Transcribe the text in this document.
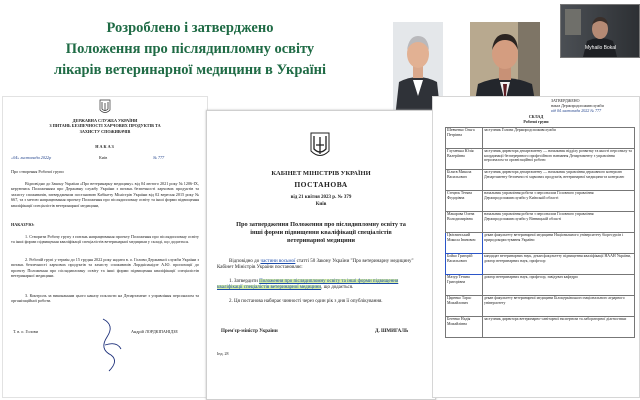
Розроблено і затверджено
Положення про післядипломну освіту
лікарів ветеринарної медицини в Україні
Myhailo Bokal
ДЕРЖАВНА СЛУЖБА УКРАЇНИ
З ПИТАНЬ БЕЗПЕЧНОСТІ ХАРЧОВИХ ПРОДУКТІВ ТА
ЗАХИСТУ СПОЖИВАЧІВ
НАКАЗ
«04» листопада 2022р	Київ	№ 777
Про створення Робочої групи
Відповідно до Закону України «Про ветеринарну медицину» від 04 лютого 2021 року № 1206-IX, керуючись Положенням про Державну службу України з питань безпечності харчових продуктів та захисту споживачів, затвердженим постановою Кабінету Міністрів України від 02 вересня 2015 року № 667, та з метою напрацювання проекту Положення про післядипломну освіту та інші форми підвищення кваліфікації спеціалістів ветеринарної медицини,
НАКАЗУЮ:
1. Створити Робочу групу з питань напрацювання проекту Положення про післядипломну освіту та інші форми підвищення кваліфікації спеціалістів ветеринарної медицини у складі, що додається.
2. Робочій групі у термін до 15 грудня 2022 року надати в. о. Голови Державної служби України з питань безпечності харчових продуктів та захисту споживачів Лордкіпанідзе А.Ю. пропозиції до проекту Положення про післядипломну освіту та інші форми підвищення кваліфікації спеціалістів ветеринарної медицини.
3. Контроль за виконанням цього наказу покласти на Департамент з управління персоналом та організаційної роботи.
Т. в. о. Голови	Андрій ЛОРДКІПАНІДЗЕ
КАБІНЕТ МІНІСТРІВ УКРАЇНИ
ПОСТАНОВА
від 21 квітня 2023 р. № 379
Київ
Про затвердження Положення про післядипломну освіту та
інші форми підвищення кваліфікації спеціалістів
ветеринарної медицини
Відповідно до частини восьмої статті 50 Закону України "Про ветеринарну медицину" Кабінет Міністрів України постановляє:
1. Затвердити Положення про післядипломну освіту та інші форми підвищення кваліфікації спеціалістів ветеринарної медицини, що додається.
2. Ця постанова набирає чинності через один рік з дня її опублікування.
Прем'єр-міністр України	Д. ШМИГАЛЬ
Інд. 28
ЗАТВЕРДЖЕНО
наказ Держпродспоживслужби
від 04 листопада 2022 № 777
СКЛАД
Робочої групи
Шевченко Ольга Петрівна	заступник Голови Держпродспоживслужби
Глухенька Юлія Валеріївна	заступник директора департаменту — начальник відділу розвитку та якості персоналу та координації безперервного професійного навчання Департаменту з управління персоналом та організаційної роботи
Біляєв Микола Васильович	заступник директора департаменту — начальник управління державного контролю Департаменту безпечності харчових продуктів, ветеринарної медицини та контролю
Стецюк Тетяна Федорівна	начальник управління роботи з персоналом Головного управління Держпродспоживслужби у Київській області
Макарова Олена Володимирівна	начальник управління роботи з персоналом Головного управління Держпродспоживслужби у Вінницькій області
Цвітлинський Микола Іванович	декан факультету ветеринарної медицини Національного університету біоресурсів і природокористування України
Бойко Григорій Васильович	кандидат ветеринарних наук, декан факультету підвищення кваліфікації НААН України, доктор ветеринарних наук, професор
Мазур Тетяна Григорівна	доктор ветеринарних наук, професор, завідувач кафедри
Царенко Тарас Михайлович	декан факультету ветеринарної медицини Білоцерківського національного аграрного університету
Бегенко Надія Михайлівна	заступник директора ветеринарно-санітарної експертизи та лабораторної діагностики
